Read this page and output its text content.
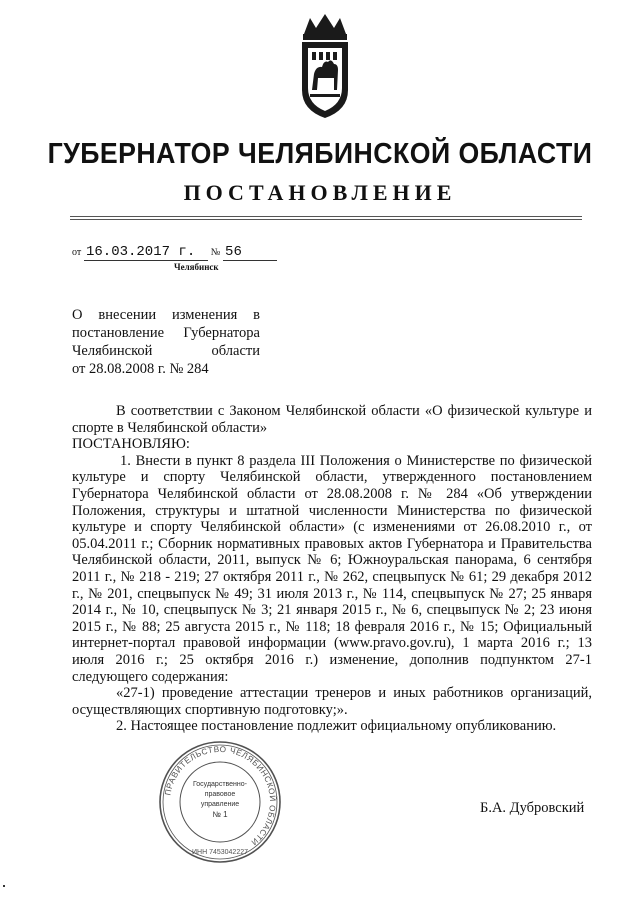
ГУБЕРНАТОР ЧЕЛЯБИНСКОЙ ОБЛАСТИ
ПОСТАНОВЛЕНИЕ
от 16.03.2017 г. № 56
Челябинск
О внесении изменения в
постановление Губернатора
Челябинской области
от 28.08.2008 г. № 284

В соответствии с Законом Челябинской области «О физической культуре и спорте в Челябинской области»

ПОСТАНОВЛЯЮ:

1. Внести в пункт 8 раздела III Положения о Министерстве по физической культуре и спорту Челябинской области, утвержденного постановлением Губернатора Челябинской области от 28.08.2008 г. № 284 «Об утверждении Положения, структуры и штатной численности Министерства по физической культуре и спорту Челябинской области» (с изменениями от 26.08.2010 г., от 05.04.2011 г.; Сборник нормативных правовых актов Губернатора и Правительства Челябинской области, 2011, выпуск № 6; Южноуральская панорама, 6 сентября 2011 г., № 218 - 219; 27 октября 2011 г., № 262, спецвыпуск № 61; 29 декабря 2012 г., № 201, спецвыпуск № 49; 31 июля 2013 г., № 114, спецвыпуск № 27; 25 января 2014 г., № 10, спецвыпуск № 3; 21 января 2015 г., № 6, спецвыпуск № 2; 23 июня 2015 г., № 88; 25 августа 2015 г., № 118; 18 февраля 2016 г., № 15; Официальный интернет-портал правовой информации (www.pravo.gov.ru), 1 марта 2016 г.; 13 июля 2016 г.; 25 октября 2016 г.) изменение, дополнив подпунктом 27-1 следующего содержания:

«27-1) проведение аттестации тренеров и иных работников организаций, осуществляющих спортивную подготовку;».

2. Настоящее постановление подлежит официальному опубликованию.

ПРАВИТЕЛЬСТВО ЧЕЛЯБИНСКОЙ ОБЛАСТИ
ИНН 7453042227
Государственно-
правовое
управление
№ 1	Б.А. Дубровский
